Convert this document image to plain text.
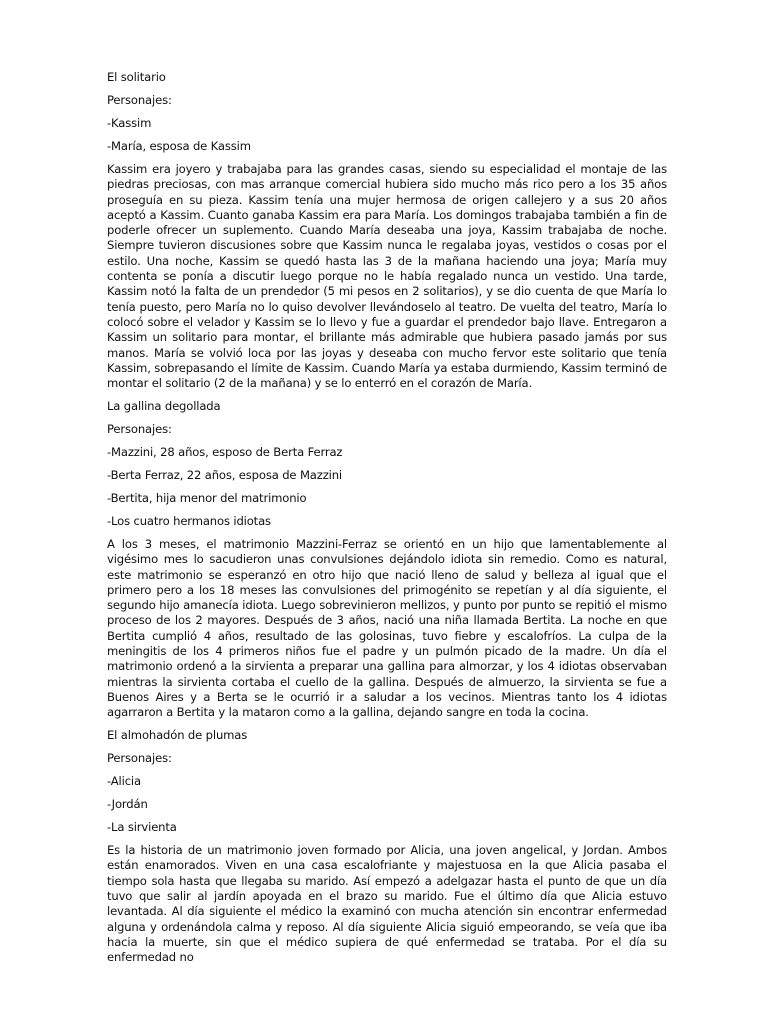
El solitario
Personajes:
-Kassim
-María, esposa de Kassim
Kassim era joyero y trabajaba para las grandes casas, siendo su especialidad el montaje de las piedras preciosas, con mas arranque comercial hubiera sido mucho más rico pero a los 35 años proseguía en su pieza. Kassim tenía una mujer hermosa de origen callejero y a sus 20 años aceptó a Kassim. Cuanto ganaba Kassim era para María. Los domingos trabajaba también a fin de poderle ofrecer un suplemento. Cuando María deseaba una joya, Kassim trabajaba de noche. Siempre tuvieron discusiones sobre que Kassim nunca le regalaba joyas, vestidos o cosas por el estilo. Una noche, Kassim se quedó hasta las 3 de la mañana haciendo una joya; María muy contenta se ponía a discutir luego porque no le había regalado nunca un vestido. Una tarde, Kassim notó la falta de un prendedor (5 mi pesos en 2 solitarios), y se dio cuenta de que María lo tenía puesto, pero María no lo quiso devolver llevándoselo al teatro. De vuelta del teatro, María lo colocó sobre el velador y Kassim se lo llevo y fue a guardar el prendedor bajo llave. Entregaron a Kassim un solitario para montar, el brillante más admirable que hubiera pasado jamás por sus manos. María se volvió loca por las joyas y deseaba con mucho fervor este solitario que tenía Kassim, sobrepasando el límite de Kassim. Cuando María ya estaba durmiendo, Kassim terminó de montar el solitario (2 de la mañana) y se lo enterró en el corazón de María.
La gallina degollada
Personajes:
-Mazzini, 28 años, esposo de Berta Ferraz
-Berta Ferraz, 22 años, esposa de Mazzini
-Bertita, hija menor del matrimonio
-Los cuatro hermanos idiotas
A los 3 meses, el matrimonio Mazzini-Ferraz se orientó en un hijo que lamentablemente al vigésimo mes lo sacudieron unas convulsiones dejándolo idiota sin remedio. Como es natural, este matrimonio se esperanzó en otro hijo que nació lleno de salud y belleza al igual que el primero pero a los 18 meses las convulsiones del primogénito se repetían y al día siguiente, el segundo hijo amanecía idiota. Luego sobrevinieron mellizos, y punto por punto se repitió el mismo proceso de los 2 mayores. Después de 3 años, nació una niña llamada Bertita. La noche en que Bertita cumplió 4 años, resultado de las golosinas, tuvo fiebre y escalofríos. La culpa de la meningitis de los 4 primeros niños fue el padre y un pulmón picado de la madre. Un día el matrimonio ordenó a la sirvienta a preparar una gallina para almorzar, y los 4 idiotas observaban mientras la sirvienta cortaba el cuello de la gallina. Después de almuerzo, la sirvienta se fue a Buenos Aires y a Berta se le ocurrió ir a saludar a los vecinos. Mientras tanto los 4 idiotas agarraron a Bertita y la mataron como a la gallina, dejando sangre en toda la cocina.
El almohadón de plumas
Personajes:
-Alicia
-Jordán
-La sirvienta
Es la historia de un matrimonio joven formado por Alicia, una joven angelical, y Jordan. Ambos están enamorados. Viven en una casa escalofriante y majestuosa en la que Alicia pasaba el tiempo sola hasta que llegaba su marido. Así empezó a adelgazar hasta el punto de que un día tuvo que salir al jardín apoyada en el brazo su marido. Fue el último día que Alicia estuvo levantada. Al día siguiente el médico la examinó con mucha atención sin encontrar enfermedad alguna y ordenándola calma y reposo. Al día siguiente Alicia siguió empeorando, se veía que iba hacia la muerte, sin que el médico supiera de qué enfermedad se trataba. Por el día su enfermedad no
